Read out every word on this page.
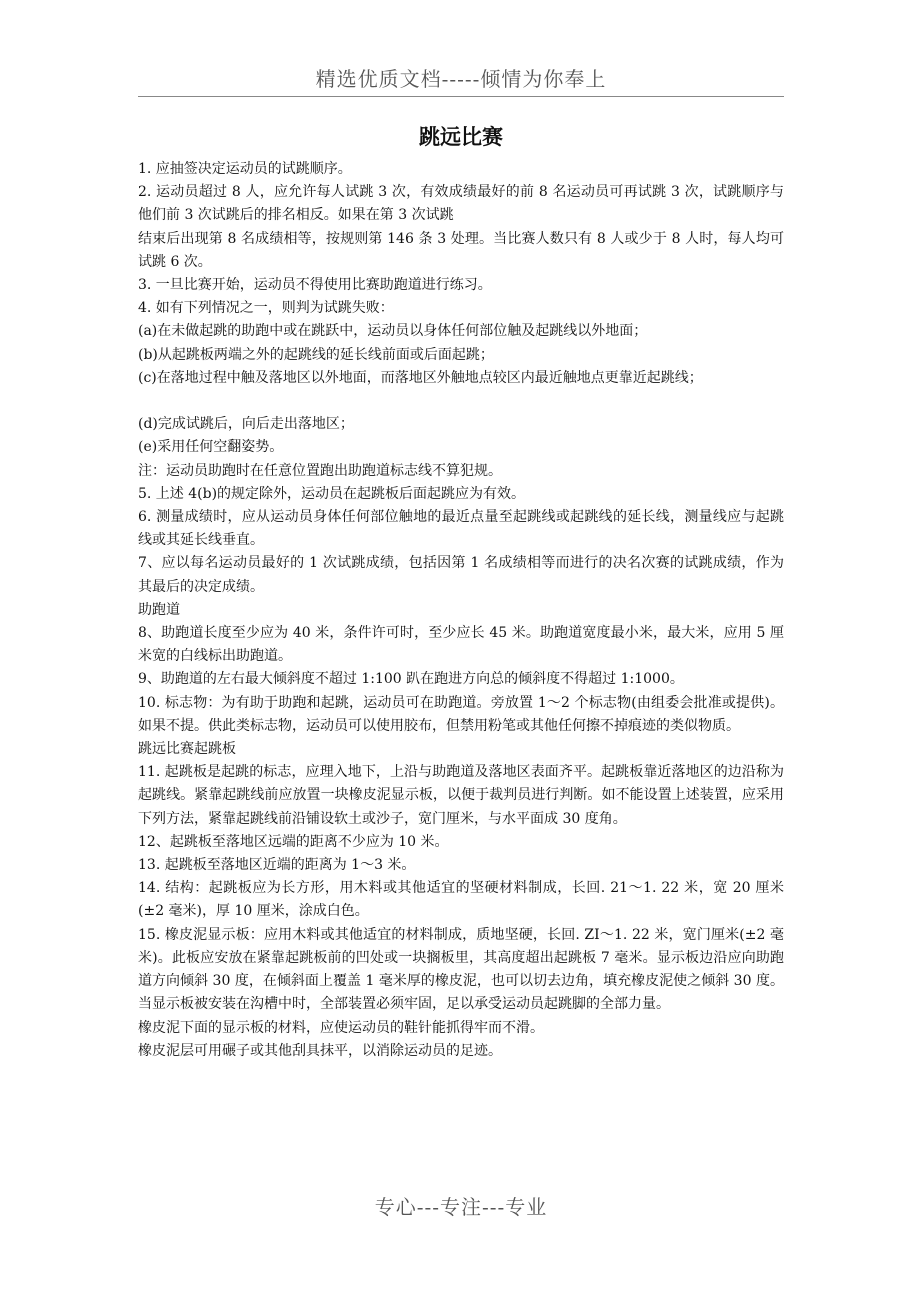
精选优质文档-----倾情为你奉上
跳远比赛

1. 应抽签决定运动员的试跳顺序。

2. 运动员超过 8 人，应允许每人试跳 3 次，有效成绩最好的前 8 名运动员可再试跳 3 次，试跳顺序与他们前 3 次试跳后的排名相反。如果在第 3 次试跳

结束后出现第 8 名成绩相等，按规则第 146 条 3 处理。当比赛人数只有 8 人或少于 8 人时，每人均可试跳 6 次。

3. 一旦比赛开始，运动员不得使用比赛助跑道进行练习。

4. 如有下列情况之一，则判为试跳失败：

(a)在未做起跳的助跑中或在跳跃中，运动员以身体任何部位触及起跳线以外地面；

(b)从起跳板两端之外的起跳线的延长线前面或后面起跳；

(c)在落地过程中触及落地区以外地面，而落地区外触地点较区内最近触地点更靠近起跳线；

(d)完成试跳后，向后走出落地区；

(e)采用任何空翻姿势。

注：运动员助跑时在任意位置跑出助跑道标志线不算犯规。

5. 上述 4(b)的规定除外，运动员在起跳板后面起跳应为有效。

6. 测量成绩时，应从运动员身体任何部位触地的最近点量至起跳线或起跳线的延长线，测量线应与起跳线或其延长线垂直。

7、应以每名运动员最好的 1 次试跳成绩，包括因第 1 名成绩相等而进行的决名次赛的试跳成绩，作为其最后的决定成绩。

助跑道

8、助跑道长度至少应为 40 米，条件许可时，至少应长 45 米。助跑道宽度最小米，最大米，应用 5 厘米宽的白线标出助跑道。

9、助跑道的左右最大倾斜度不超过 1:100 趴在跑进方向总的倾斜度不得超过 1:1000。

10. 标志物：为有助于助跑和起跳，运动员可在助跑道。旁放置 1～2 个标志物(由组委会批准或提供)。如果不提。供此类标志物，运动员可以使用胶布，但禁用粉笔或其他任何擦不掉痕迹的类似物质。

跳远比赛起跳板

11. 起跳板是起跳的标志，应理入地下，上沿与助跑道及落地区表面齐平。起跳板靠近落地区的边沿称为起跳线。紧靠起跳线前应放置一块橡皮泥显示板，以便于裁判员进行判断。如不能设置上述装置，应采用下列方法，紧靠起跳线前沿铺设软土或沙子，宽门厘米，与水平面成 30 度角。

12、起跳板至落地区远端的距离不少应为 10 米。

13. 起跳板至落地区近端的距离为 1～3 米。

14. 结构：起跳板应为长方形，用木料或其他适宜的坚硬材料制成，长回. 21～1. 22 米，宽 20 厘米(±2 毫米)，厚 10 厘米，涂成白色。

15. 橡皮泥显示板：应用木料或其他适宜的材料制成，质地坚硬，长回. ZI～1. 22 米，宽门厘米(±2 毫米)。此板应安放在紧靠起跳板前的凹处或一块搁板里，其高度超出起跳板 7 毫米。显示板边沿应向助跑道方向倾斜 30 度，在倾斜面上覆盖 1 毫米厚的橡皮泥，也可以切去边角，填充橡皮泥使之倾斜 30 度。当显示板被安装在沟槽中时，全部装置必须牢固，足以承受运动员起跳脚的全部力量。

橡皮泥下面的显示板的材料，应使运动员的鞋针能抓得牢而不滑。

橡皮泥层可用碾子或其他刮具抹平，以消除运动员的足迹。

专心---专注---专业
